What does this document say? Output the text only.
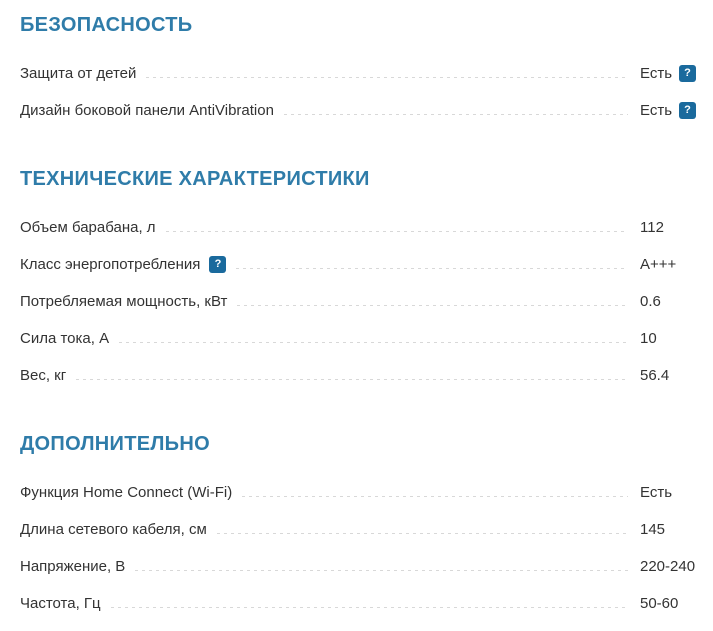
БЕЗОПАСНОСТЬ
Защита от детей	Есть	?
Дизайн боковой панели AntiVibration	Есть	?
ТЕХНИЧЕСКИЕ ХАРАКТЕРИСТИКИ
Объем барабана, л	112
Класс энергопотребления	?	A+++
Потребляемая мощность, кВт	0.6
Сила тока, А	10
Вес, кг	56.4
ДОПОЛНИТЕЛЬНО
Функция Home Connect (Wi-Fi)	Есть
Длина сетевого кабеля, см	145
Напряжение, В	220-240
Частота, Гц	50-60
